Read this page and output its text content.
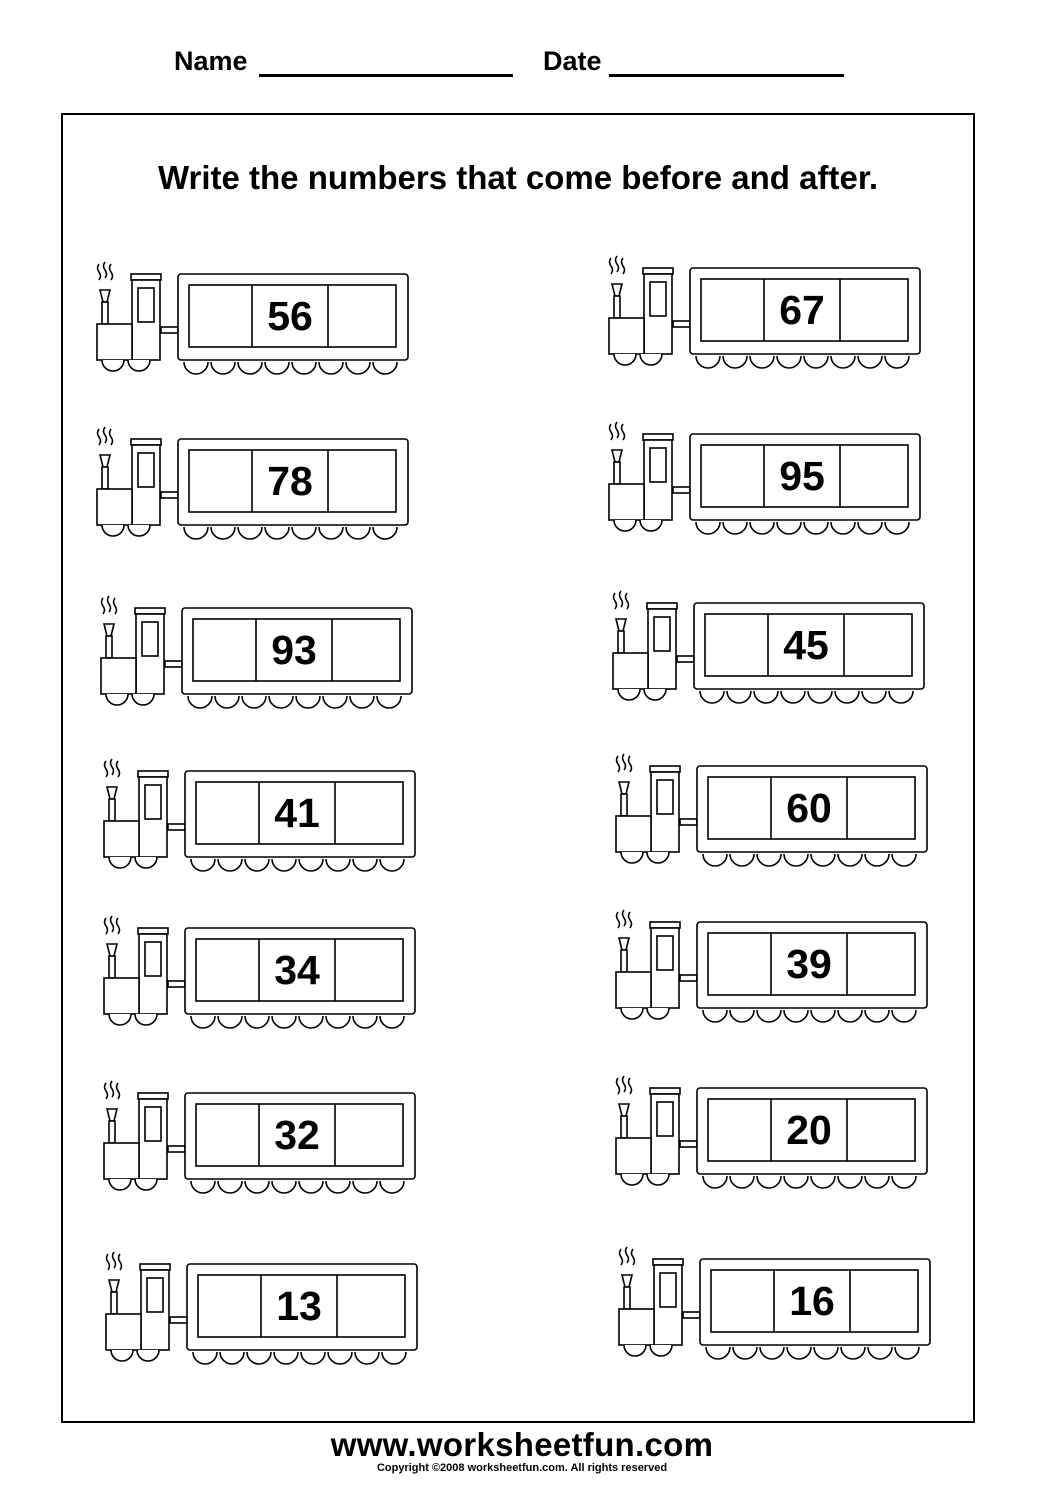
Name	Date
Write the numbers that come before and after.
56
78
93
41
34
32
13
67
95
45
60
39
20
16
www.worksheetfun.com
Copyright ©2008 worksheetfun.com. All rights reserved
